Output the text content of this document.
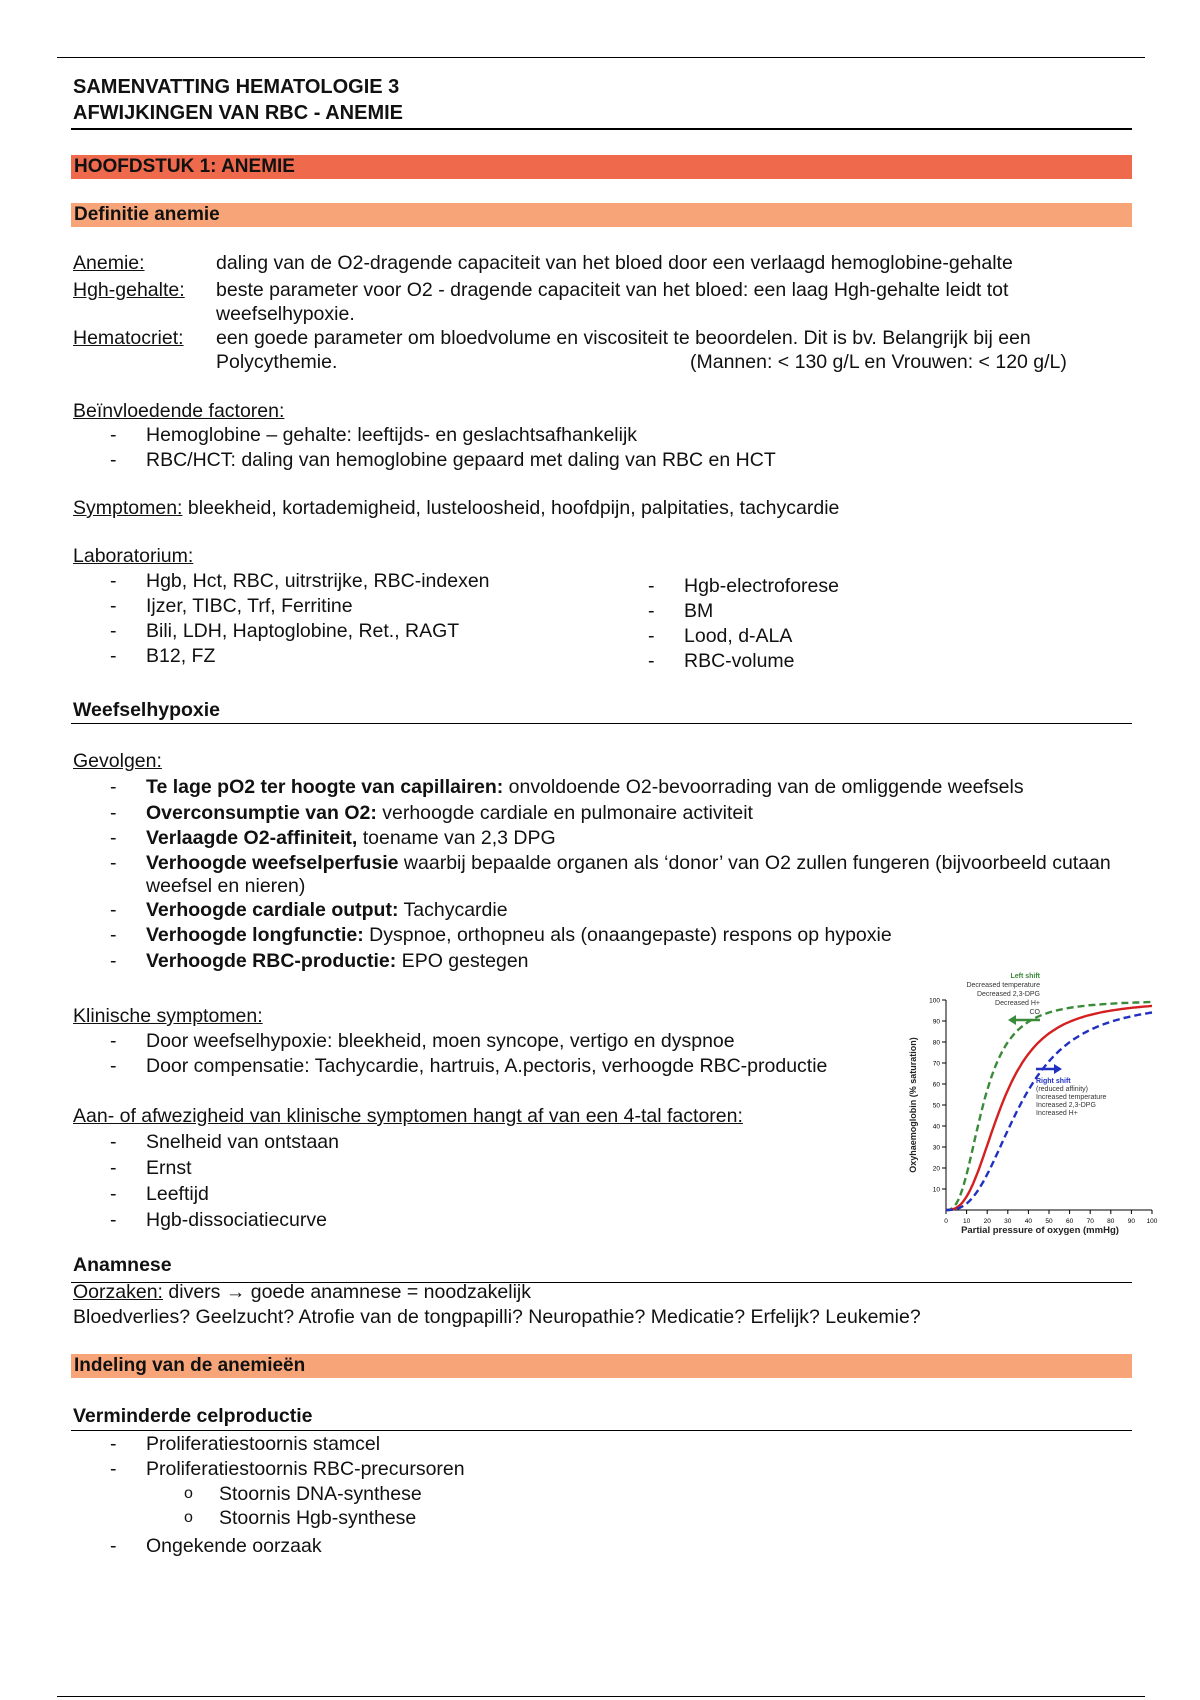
SAMENVATTING HEMATOLOGIE 3
AFWIJKINGEN VAN RBC - ANEMIE
HOOFDSTUK 1: ANEMIE
Definitie anemie
Anemie:	daling van de O2-dragende capaciteit van het bloed door een verlaagd hemoglobine-gehalte
Hgh-gehalte: beste parameter voor O2 - dragende capaciteit van het bloed: een laag Hgh-gehalte leidt tot
weefselhypoxie.
Hematocriet: een goede parameter om bloedvolume en viscositeit te beoordelen. Dit is bv. Belangrijk bij een
Polycythemie.	(Mannen: < 130 g/L en Vrouwen: < 120 g/L)
Beïnvloedende factoren:
- Hemoglobine – gehalte: leeftijds- en geslachtsafhankelijk
- RBC/HCT: daling van hemoglobine gepaard met daling van RBC en HCT
Symptomen: bleekheid, kortademigheid, lusteloosheid, hoofdpijn, palpitaties, tachycardie
Laboratorium:
- Hgb, Hct, RBC, uitrstrijke, RBC-indexen
- Ijzer, TIBC, Trf, Ferritine
- Bili, LDH, Haptoglobine, Ret., RAGT
- B12, FZ
- Hgb-electroforese
- BM
- Lood, d-ALA
- RBC-volume
Weefselhypoxie
Gevolgen:
- Te lage pO2 ter hoogte van capillairen: onvoldoende O2-bevoorrading van de omliggende weefsels
- Overconsumptie van O2: verhoogde cardiale en pulmonaire activiteit
- Verlaagde O2-affiniteit, toename van 2,3 DPG
- Verhoogde weefselperfusie waarbij bepaalde organen als ‘donor’ van O2 zullen fungeren (bijvoorbeeld cutaan weefsel en nieren)
- Verhoogde cardiale output: Tachycardie
- Verhoogde longfunctie: Dyspnoe, orthopneu als (onaangepaste) respons op hypoxie
- Verhoogde RBC-productie: EPO gestegen
Klinische symptomen:
- Door weefselhypoxie: bleekheid, moen syncope, vertigo en dyspnoe
- Door compensatie: Tachycardie, hartruis, A.pectoris, verhoogde RBC-productie
Aan- of afwezigheid van klinische symptomen hangt af van een 4-tal factoren:
- Snelheid van ontstaan
- Ernst
- Leeftijd
- Hgb-dissociatiecurve	0 10 20 30 40 50 60 70 80 90 100
10
20
30
40
50
60
70
80
90
100
Partial pressure of oxygen (mmHg)
Oxyhaemoglobin (% saturation)
Left shift
Decreased temperature
Decreased 2,3-DPG
Decreased H+
CO
Right shift
(reduced affinity)
Increased temperature
Increased 2,3-DPG
Increased H+
Anamnese
Oorzaken: divers → goede anamnese = noodzakelijk
Bloedverlies? Geelzucht? Atrofie van de tongpapilli? Neuropathie? Medicatie? Erfelijk? Leukemie?
Indeling van de anemieën
Verminderde celproductie
- Proliferatiestoornis stamcel
- Proliferatiestoornis RBC-precursoren
o Stoornis DNA-synthese
o Stoornis Hgb-synthese
- Ongekende oorzaak
